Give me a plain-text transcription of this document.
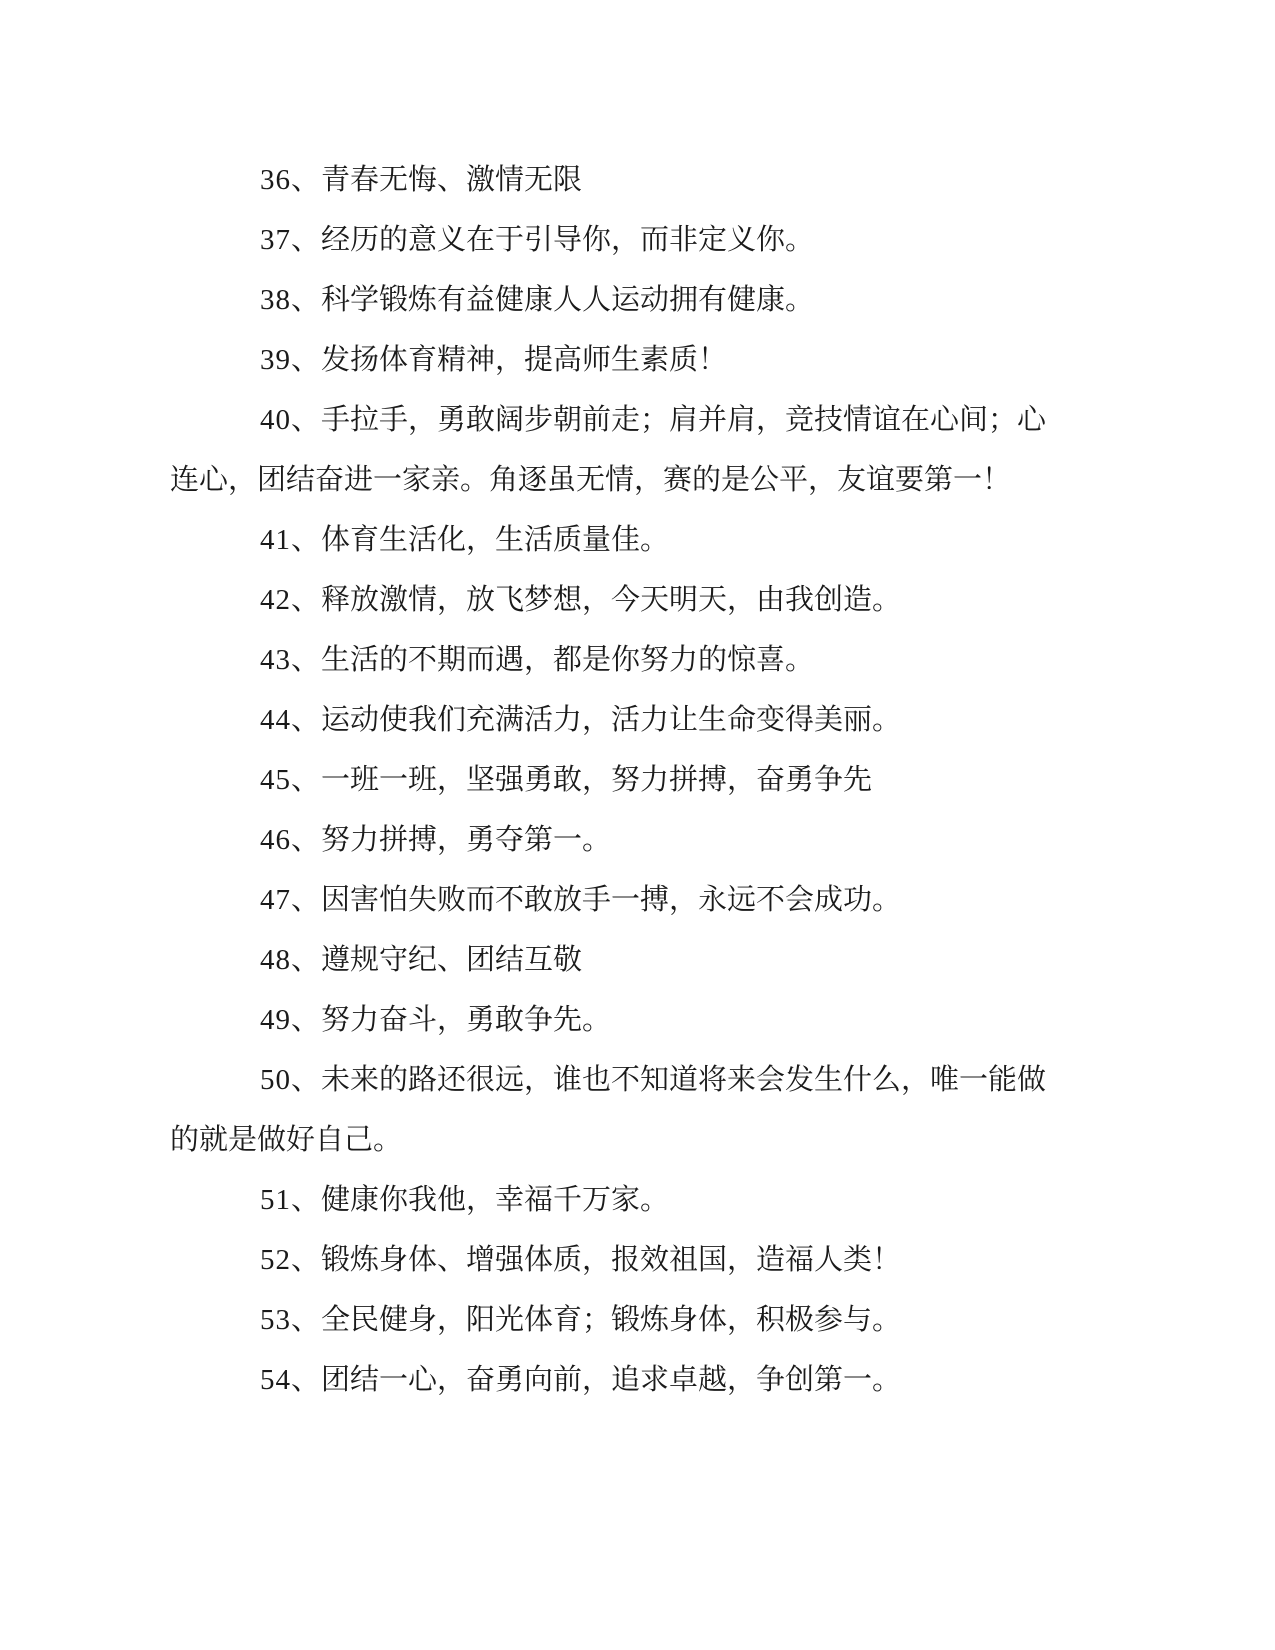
36、青春无悔、激情无限

37、经历的意义在于引导你，而非定义你。

38、科学锻炼有益健康人人运动拥有健康。

39、发扬体育精神，提高师生素质！

40、手拉手，勇敢阔步朝前走；肩并肩，竞技情谊在心间；心连心，团结奋进一家亲。角逐虽无情，赛的是公平，友谊要第一！

41、体育生活化，生活质量佳。

42、释放激情，放飞梦想，今天明天，由我创造。

43、生活的不期而遇，都是你努力的惊喜。

44、运动使我们充满活力，活力让生命变得美丽。

45、一班一班，坚强勇敢，努力拼搏，奋勇争先

46、努力拼搏，勇夺第一。

47、因害怕失败而不敢放手一搏，永远不会成功。

48、遵规守纪、团结互敬

49、努力奋斗，勇敢争先。

50、未来的路还很远，谁也不知道将来会发生什么，唯一能做的就是做好自己。

51、健康你我他，幸福千万家。

52、锻炼身体、增强体质，报效祖国，造福人类！

53、全民健身，阳光体育；锻炼身体，积极参与。

54、团结一心，奋勇向前，追求卓越，争创第一。
